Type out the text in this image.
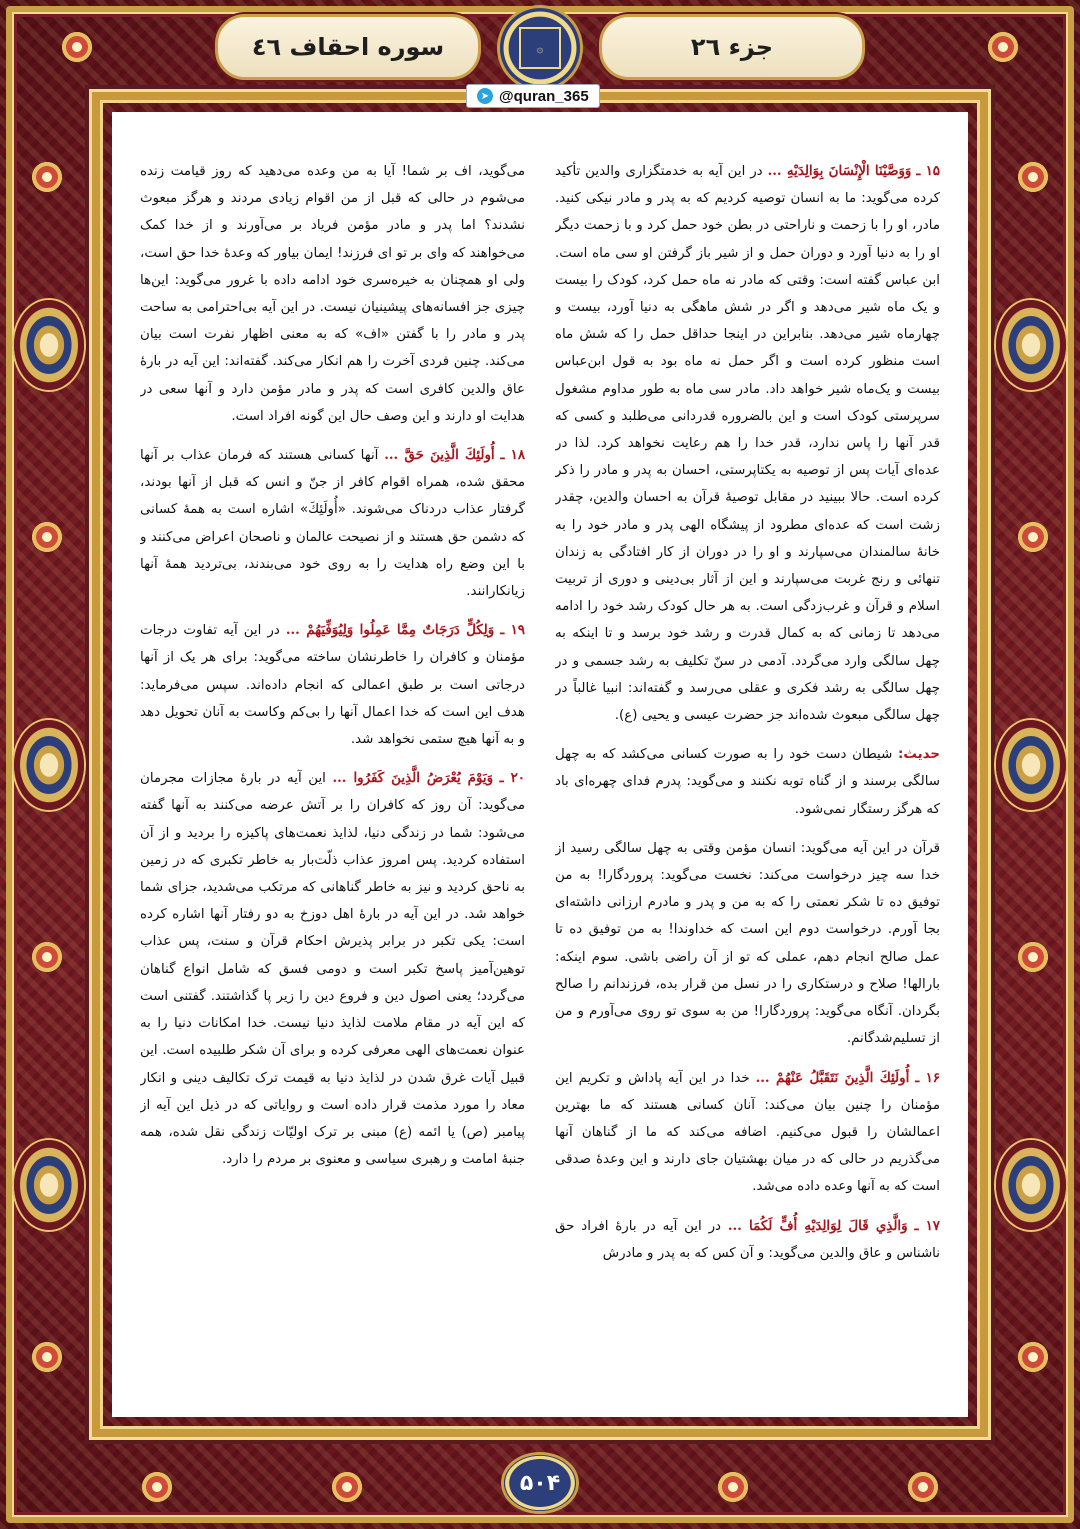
سوره احقاف ٤٦	جزء ٢٦
۞
➤ @quran_365

١۵ ـ وَوَصَّيْنَا الْإِنْسَانَ بِوَالِدَيْهِ ... در این آیه به خدمتگزاری والدین تأکید کرده می‌گوید: ما به انسان توصیه کردیم که به پدر و مادر نیکی کنید. مادر، او را با زحمت و ناراحتی در بطن خود حمل کرد و با زحمت دیگر او را به دنیا آورد و دوران حمل و از شیر باز گرفتن او سی ماه است. ابن عباس گفته است: وقتی که مادر نه ماه حمل کرد، کودک را بیست و یک ماه شیر می‌دهد و اگر در شش ماهگی به دنیا آورد، بیست و چهارماه شیر می‌دهد. بنابراین در اینجا حداقل حمل را که شش ماه است منظور کرده است و اگر حمل نه ماه بود به قول ابن‌عباس بیست و یک‌ماه شیر خواهد داد. مادر سی ماه به طور مداوم مشغول سرپرستی کودک است و این بالضروره قدردانی می‌طلبد و کسی که قدر آنها را پاس ندارد، قدر خدا را هم رعایت نخواهد کرد. لذا در عده‌ای آیات پس از توصیه به یکتاپرستی، احسان به پدر و مادر را ذکر کرده است. حالا ببینید در مقابل توصیهٔ قرآن به احسان والدین، چقدر زشت است که عده‌ای مطرود از پیشگاه الهی پدر و مادر خود را به خانهٔ سالمندان می‌سپارند و او را در دوران از کار افتادگی به زندان تنهائی و رنج غربت می‌سپارند و این از آثار بی‌دینی و دوری از تربیت اسلام و قرآن و غرب‌زدگی است. به هر حال کودک رشد خود را ادامه می‌دهد تا زمانی که به کمال قدرت و رشد خود برسد و تا اینکه به چهل سالگی وارد می‌گردد. آدمی در سنّ تکلیف به رشد جسمی و در چهل سالگی به رشد فکری و عقلی می‌رسد و گفته‌اند: انبیا غالباً در چهل سالگی مبعوث شده‌اند جز حضرت عیسی و یحیی (ع).

حدیث: شیطان دست خود را به صورت کسانی می‌کشد که به چهل سالگی برسند و از گناه توبه نکنند و می‌گوید: پدرم فدای چهره‌ای باد که هرگز رستگار نمی‌شود.

قرآن در این آیه می‌گوید: انسان مؤمن وقتی به چهل سالگی رسید از خدا سه چیز درخواست می‌کند: نخست می‌گوید: پروردگارا! به من توفیق ده تا شکر نعمتی را که به من و پدر و مادرم ارزانی داشته‌ای بجا آورم. درخواست دوم این است که خداوندا! به من توفیق ده تا عمل صالح انجام دهم، عملی که تو از آن راضی باشی. سوم اینکه: بارالها! صلاح و درستکاری را در نسل من قرار بده، فرزندانم را صالح بگردان. آنگاه می‌گوید: پروردگارا! من به سوی تو روی می‌آورم و من از تسلیم‌شدگانم.

١۶ ـ أُولَئِكَ الَّذِينَ نَتَقَبَّلُ عَنْهُمْ ... خدا در این آیه پاداش و تکریم این مؤمنان را چنین بیان می‌کند: آنان کسانی هستند که ما بهترین اعمالشان را قبول می‌کنیم. اضافه می‌کند که ما از گناهان آنها می‌گذریم در حالی که در میان بهشتیان جای دارند و این وعدهٔ صدقی است که به آنها وعده داده می‌شد.

١٧ ـ وَالَّذِي قَالَ لِوَالِدَيْهِ أُفٍّ لَكُمَا ... در این آیه در بارهٔ افراد حق ناشناس و عاق والدین می‌گوید: و آن کس که به پدر و مادرش

می‌گوید، اف بر شما! آیا به من وعده می‌دهید که روز قیامت زنده می‌شوم در حالی که قبل از من اقوام زیادی مردند و هرگز مبعوث نشدند؟ اما پدر و مادر مؤمن فریاد بر می‌آورند و از خدا کمک می‌خواهند که وای بر تو ای فرزند! ایمان بیاور که وعدهٔ خدا حق است، ولی او همچنان به خیره‌سری خود ادامه داده با غرور می‌گوید: این‌ها چیزی جز افسانه‌های پیشینیان نیست. در این آیه بی‌احترامی به ساحت پدر و مادر را با گفتن «اف» که به معنی اظهار نفرت است بیان می‌کند. چنین فردی آخرت را هم انکار می‌کند. گفته‌اند: این آیه در بارهٔ عاق والدین کافری است که پدر و مادر مؤمن دارد و آنها سعی در هدایت او دارند و این وصف حال این گونه افراد است.

١٨ ـ أُولَئِكَ الَّذِينَ حَقَّ ... آنها کسانی هستند که فرمان عذاب بر آنها محقق شده، همراه اقوام کافر از جنّ و انس که قبل از آنها بودند، گرفتار عذاب دردناک می‌شوند. «أُولَئِكَ» اشاره است به همهٔ کسانی که دشمن حق هستند و از نصیحت عالمان و ناصحان اعراض می‌کنند و با این وضع راه هدایت را به روی خود می‌بندند، بی‌تردید همهٔ آنها زیانکارانند.

١٩ ـ وَلِكُلٍّ دَرَجَاتٌ مِمَّا عَمِلُوا وَلِيُوَفِّيَهُمْ ... در این آیه تفاوت درجات مؤمنان و کافران را خاطرنشان ساخته می‌گوید: برای هر یک از آنها درجاتی است بر طبق اعمالی که انجام داده‌اند. سپس می‌فرماید: هدف این است که خدا اعمال آنها را بی‌کم وکاست به آنان تحویل دهد و به آنها هیچ ستمی نخواهد شد.

٢٠ ـ وَيَوْمَ يُعْرَضُ الَّذِينَ كَفَرُوا ... این آیه در بارهٔ مجازات مجرمان می‌گوید: آن روز که کافران را بر آتش عرضه می‌کنند به آنها گفته می‌شود: شما در زندگی دنیا، لذایذ نعمت‌های پاکیزه را بردید و از آن استفاده کردید. پس امروز عذاب ذلّت‌بار به خاطر تکبری که در زمین به ناحق کردید و نیز به خاطر گناهانی که مرتکب می‌شدید، جزای شما خواهد شد. در این آیه در بارهٔ اهل دوزخ به دو رفتار آنها اشاره کرده است: یکی تکبر در برابر پذیرش احکام قرآن و سنت، پس عذاب توهین‌آمیز پاسخ تکبر است و دومی فسق که شامل انواع گناهان می‌گردد؛ یعنی اصول دین و فروع دین را زیر پا گذاشتند. گفتنی است که این آیه در مقام ملامت لذایذ دنیا نیست. خدا امکانات دنیا را به عنوان نعمت‌های الهی معرفی کرده و برای آن شکر طلبیده است. این قبیل آیات غرق شدن در لذایذ دنیا به قیمت ترک تکالیف دینی و انکار معاد را مورد مذمت قرار داده است و روایاتی که در ذیل این آیه از پیامبر (ص) یا ائمه (ع) مبنی بر ترک اولیّات زندگی نقل شده، همه جنبهٔ امامت و رهبری سیاسی و معنوی بر مردم را دارد.

۵۰۴
